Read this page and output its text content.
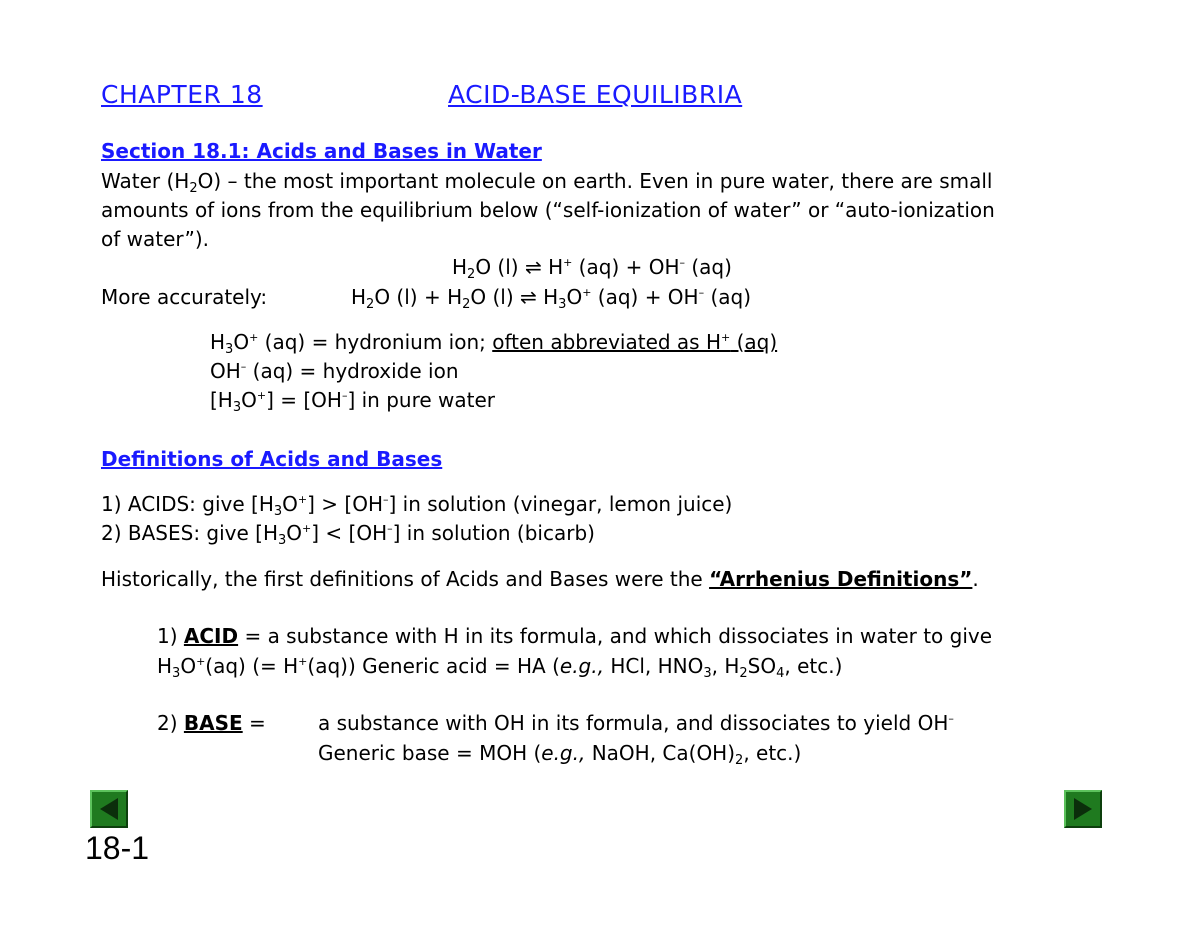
CHAPTER 18	ACID-BASE EQUILIBRIA
Section 18.1: Acids and Bases in Water
Water $(H_2O)$ – the most important molecule on earth. Even in pure water, there are small
amounts of ions from the equilibrium below (“self-ionization of water” or “auto-ionization
of water”).
$H_2O$ (l) ⇌ H+ (aq) + OH– (aq)
More accurately:	$H_2O$ $(l) + H_2O$ (l) ⇌ $H_3O^+$ (aq) + OH– (aq)
$H_3O^+$ (aq) = hydronium ion; often abbreviated as H+ (aq)
OH– (aq) = hydroxide ion
$[H_3O^+] = [OH^-]$ in pure water
Definitions of Acids and Bases
1) ACIDS: give $[H_3O^+] > [OH^-]$ in solution (vinegar, lemon juice)
2) BASES: give $[H_3O^+] < [OH^-]$ in solution (bicarb)
Historically, the first definitions of Acids and Bases were the “Arrhenius Definitions”.
1) ACID = a substance with H in its formula, and which dissociates in water to give
$H_3O^+(aq)$ (= H+(aq)) Generic acid = HA (e.g., HCl, $HNO_3$, $H_2SO_4$, etc.)
2) BASE =	a substance with OH in its formula, and dissociates to yield OH–
Generic base = MOH (e.g., NaOH, $Ca(OH)_2$, etc.)
18-1
